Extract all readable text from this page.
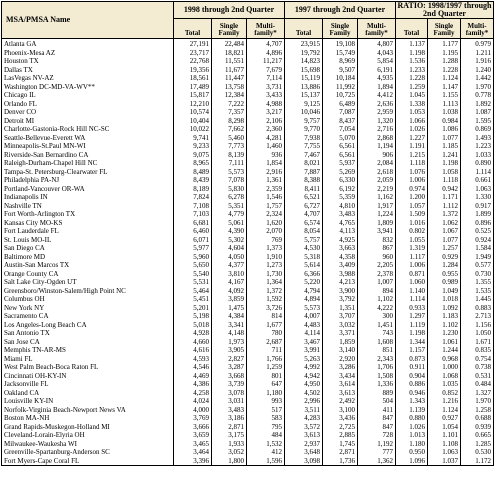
MSA/PMSA Name	1998 through 2nd Quarter			1997 through 2nd Quarter			RATIO: 1998/1997 through 2nd Quarter		
	Total	Single Family	Multi-family*	Total	Single Family	Multi-family*	Total	Single Family	Multi-family*
Atlanta GA	27,191	22,484	4,707	23,915	19,108	4,807	1.137	1.177	0.979
Phoenix-Mesa AZ	23,717	18,821	4,896	19,792	15,749	4,043	1.198	1.195	1.211
Houston TX	22,768	11,551	11,217	14,823	8,969	5,854	1.536	1.288	1.916
Dallas TX	19,356	11,677	7,679	15,698	9,507	6,191	1.233	1.228	1.240
LasVegas NV-AZ	18,561	11,447	7,114	15,119	10,184	4,935	1.228	1.124	1.442
Washington DC-MD-VA-WV**	17,489	13,758	3,731	13,886	11,992	1,894	1.259	1.147	1.970
Chicago IL	15,817	12,384	3,433	15,137	10,725	4,412	1.045	1.155	0.778
Orlando FL	12,210	7,222	4,988	9,125	6,489	2,636	1.338	1.113	1.892
Denver CO	10,574	7,357	3,217	10,046	7,087	2,959	1.053	1.038	1.087
Detroit MI	10,404	8,298	2,106	9,757	8,437	1,320	1.066	0.984	1.595
Charlotte-Gastonia-Rock Hill NC-SC	10,022	7,662	2,360	9,770	7,054	2,716	1.026	1.086	0.869
Seattle-Bellevue-Everett WA	9,741	5,460	4,281	7,938	5,070	2,868	1.227	1.077	1.493
Minneapolis-St.Paul MN-WI	9,233	7,773	1,460	7,755	6,561	1,194	1.191	1.185	1.223
Riverside-San Bernardino CA	9,075	8,139	936	7,467	6,561	906	1.215	1.241	1.033
Raleigh-Durham-Chapel Hill NC	8,965	7,111	1,854	8,021	5,937	2,084	1.118	1.198	0.890
Tampa-St. Petersburg-Clearwater FL	8,489	5,573	2,916	7,887	5,269	2,618	1.076	1.058	1.114
Philadelphia PA-NJ	8,439	7,078	1,361	8,388	6,330	2,059	1.006	1.118	0.661
Portland-Vancouver OR-WA	8,189	5,830	2,359	8,411	6,192	2,219	0.974	0.942	1.063
Indianapolis IN	7,824	6,278	1,546	6,521	5,359	1,162	1.200	1.171	1.330
Nashville TN	7,108	5,351	1,757	6,727	4,810	1,917	1.057	1.112	0.917
Fort Worth-Arlington TX	7,103	4,779	2,324	4,707	3,483	1,224	1.509	1.372	1.899
Kansas City MO-KS	6,681	5,061	1,620	6,574	4,765	1,809	1.016	1.062	0.896
Fort Lauderdale FL	6,460	4,390	2,070	8,054	4,113	3,941	0.802	1.067	0.525
St. Louis MO-IL	6,071	5,302	769	5,757	4,925	832	1.055	1.077	0.924
San Diego CA	5,977	4,604	1,373	4,530	3,663	867	1.319	1.257	1.584
Baltimore MD	5,960	4,050	1,910	5,318	4,358	960	1.117	0.929	1.949
Austin-San Marcos TX	5,650	4,377	1,273	5,614	3,409	2,205	1.006	1.284	0.577
Orange County CA	5,540	3,810	1,730	6,366	3,988	2,378	0.871	0.955	0.730
Salt Lake City-Ogden UT	5,531	4,167	1,364	5,220	4,213	1,007	1.060	0.989	1.355
Greensboro/Winston-Salem/High Point NC	5,464	4,092	1,372	4,794	3,900	894	1.140	1.049	1.535
Columbus OH	5,451	3,859	1,592	4,894	3,792	1,102	1.114	1.018	1.445
New York NY	5,201	1,475	3,726	5,573	1,351	4,222	0.933	1.092	0.883
Sacramento CA	5,198	4,384	814	4,007	3,707	300	1.297	1.183	2.713
Los Angeles-Long Beach CA	5,018	3,341	1,677	4,483	3,032	1,451	1.119	1.102	1.156
San Antonio TX	4,928	4,148	780	4,114	3,371	743	1.198	1.230	1.050
San Jose CA	4,660	1,973	2,687	3,467	1,859	1,608	1.344	1.061	1.671
Memphis TN-AR-MS	4,616	3,905	711	3,991	3,140	851	1.157	1.244	0.835
Miami FL	4,593	2,827	1,766	5,263	2,920	2,343	0.873	0.968	0.754
West Palm Beach-Boca Raton FL	4,546	3,287	1,259	4,992	3,286	1,706	0.911	1.000	0.738
Cincinnati OH-KY-IN	4,469	3,668	801	4,942	3,434	1,508	0.904	1.068	0.531
Jacksonville FL	4,386	3,739	647	4,950	3,614	1,336	0.886	1.035	0.484
Oakland CA	4,258	3,078	1,180	4,502	3,613	889	0.946	0.852	1.327
Louisville KY-IN	4,024	3,031	993	2,996	2,492	504	1.343	1.216	1.970
Norfolk-Virginia Beach-Newport News VA	4,000	3,483	517	3,511	3,100	411	1.139	1.124	1.258
Boston MA-NH	3,769	3,186	583	4,283	3,436	847	0.880	0.927	0.688
Grand Rapids-Muskegon-Holland MI	3,666	2,871	795	3,572	2,725	847	1.026	1.054	0.939
Cleveland-Lorain-Elyria OH	3,659	3,175	484	3,613	2,885	728	1.013	1.101	0.665
Milwaukee-Waukesha WI	3,465	1,933	1,532	2,937	1,745	1,192	1.180	1.108	1.285
Greenville-Spartanburg-Anderson SC	3,464	3,052	412	3,648	2,871	777	0.950	1.063	0.530
Fort Myers-Cape Coral FL	3,396	1,800	1,596	3,098	1,736	1,362	1.096	1.037	1.172
